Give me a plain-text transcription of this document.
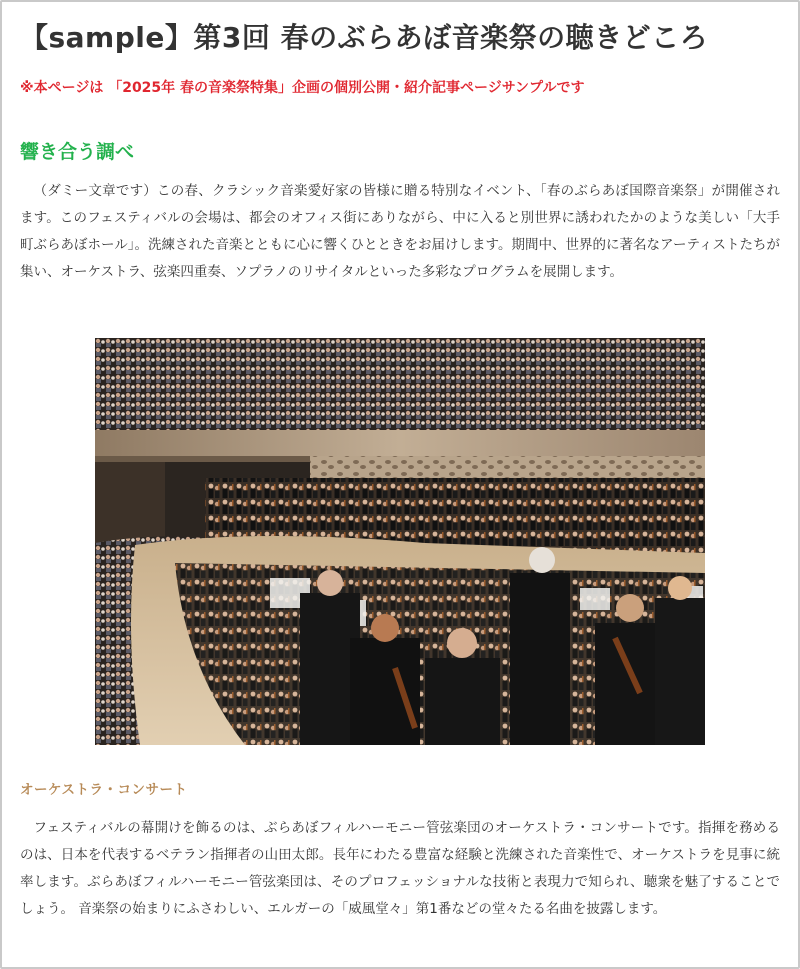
【sample】第3回 春のぶらあぼ音楽祭の聴きどころ

※本ページは 「2025年 春の音楽祭特集」企画の個別公開・紹介記事ページサンプルです

響き合う調べ

（ダミー文章です）この春、クラシック音楽愛好家の皆様に贈る特別なイベント、「春のぶらあぼ国際音楽祭」が開催されます。このフェスティバルの会場は、都会のオフィス街にありながら、中に入ると別世界に誘われたかのような美しい「大手町ぶらあぼホール」。洗練された音楽とともに心に響くひとときをお届けします。期間中、世界的に著名なアーティストたちが集い、オーケストラ、弦楽四重奏、ソプラノのリサイタルといった多彩なプログラムを展開します。

オーケストラ・コンサート

フェスティバルの幕開けを飾るのは、ぶらあぼフィルハーモニー管弦楽団のオーケストラ・コンサートです。指揮を務めるのは、日本を代表するベテラン指揮者の山田太郎。長年にわたる豊富な経験と洗練された音楽性で、オーケストラを見事に統率します。ぶらあぼフィルハーモニー管弦楽団は、そのプロフェッショナルな技術と表現力で知られ、聴衆を魅了することでしょう。 音楽祭の始まりにふさわしい、エルガーの「威風堂々」第1番などの堂々たる名曲を披露します。
